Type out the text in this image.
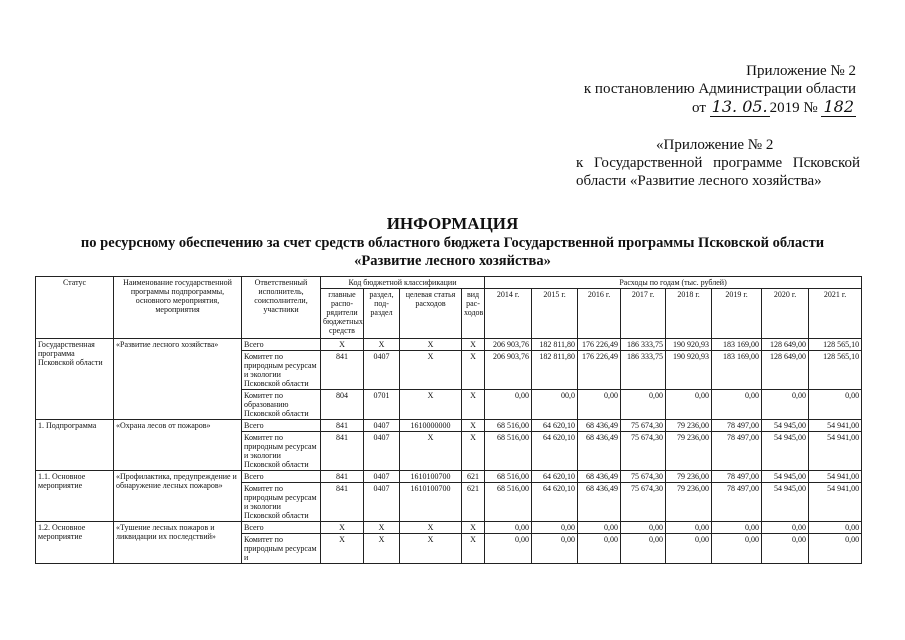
Приложение № 2
к постановлению Администрации области
от 13. 05. 2019 № 182
«Приложение № 2
к Государственной программе Псковской области «Развитие лесного хозяйства»
ИНФОРМАЦИЯ
по ресурсному обеспечению за счет средств областного бюджета Государственной программы Псковской области
«Развитие лесного хозяйства»
Статус	Наименование государственной программы подпрограммы, основного мероприятия, мероприятия	Ответственный исполнитель, соисполнители, участники	Код бюджетной классификации				Расходы по годам (тыс. рублей)							
			главные распо-рядители бюджетных средств	раздел, под-раздел	целевая статья расходов	вид рас-ходов	2014 г.	2015 г.	2016 г.	2017 г.	2018 г.	2019 г.	2020 г.	2021 г.
Государственная программа Псковской области	«Развитие лесного хозяйства»	Всего	X	X	X	X	206 903,76	182 811,80	176 226,49	186 333,75	190 920,93	183 169,00	128 649,00	128 565,10
		Комитет по природным ресурсам и экологии Псковской области	841	0407	X	X	206 903,76	182 811,80	176 226,49	186 333,75	190 920,93	183 169,00	128 649,00	128 565,10
		Комитет по образованию Псковской области	804	0701	X	X	0,00	00,0	0,00	0,00	0,00	0,00	0,00	0,00
1. Подпрограмма	«Охрана лесов от пожаров»	Всего	841	0407	1610000000	X	68 516,00	64 620,10	68 436,49	75 674,30	79 236,00	78 497,00	54 945,00	54 941,00
		Комитет по природным ресурсам и экологии Псковской области	841	0407	X	X	68 516,00	64 620,10	68 436,49	75 674,30	79 236,00	78 497,00	54 945,00	54 941,00
1.1. Основное мероприятие	«Профилактика, предупреждение и обнаружение лесных пожаров»	Всего	841	0407	1610100700	621	68 516,00	64 620,10	68 436,49	75 674,30	79 236,00	78 497,00	54 945,00	54 941,00
		Комитет по природным ресурсам и экологии Псковской области	841	0407	1610100700	621	68 516,00	64 620,10	68 436,49	75 674,30	79 236,00	78 497,00	54 945,00	54 941,00
1.2. Основное мероприятие	«Тушение лесных пожаров и ликвидации их последствий»	Всего	X	X	X	X	0,00	0,00	0,00	0,00	0,00	0,00	0,00	0,00
		Комитет по природным ресурсам и	X	X	X	X	0,00	0,00	0,00	0,00	0,00	0,00	0,00	0,00
